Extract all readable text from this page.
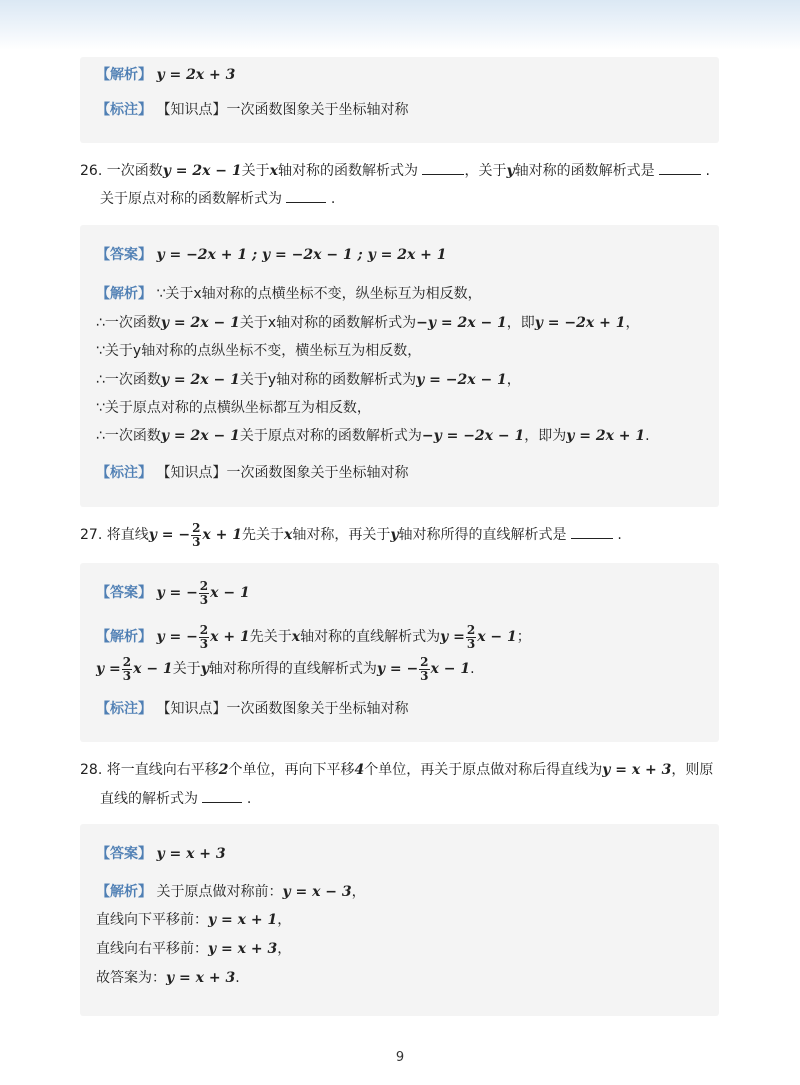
【解析】 y = 2x + 3
【标注】 【知识点】一次函数图象关于坐标轴对称
26. 一次函数y = 2x − 1关于x轴对称的函数解析式为	，关于y轴对称的函数解析式是	.
关于原点对称的函数解析式为	.
【答案】 y = −2x + 1 ; y = −2x − 1 ; y = 2x + 1
【解析】 ∵关于x轴对称的点横坐标不变，纵坐标互为相反数，
∴一次函数y = 2x − 1关于x轴对称的函数解析式为−y = 2x − 1，即y = −2x + 1，
∵关于y轴对称的点纵坐标不变，横坐标互为相反数，
∴一次函数y = 2x − 1关于y轴对称的函数解析式为y = −2x − 1，
∵关于原点对称的点横纵坐标都互为相反数，
∴一次函数y = 2x − 1关于原点对称的函数解析式为−y = −2x − 1，即为y = 2x + 1.
【标注】 【知识点】一次函数图象关于坐标轴对称
27. 将直线y = − $\frac{2}{3}$ x + 1先关于x轴对称，再关于y轴对称所得的直线解析式是	.
【答案】 y = − $\frac{2}{3}$ x − 1
【解析】 y = − $\frac{2}{3}$ x + 1先关于x轴对称的直线解析式为$y = \frac{2}{3}$ x − 1；
$y = \frac{2}{3}$ x − 1关于y轴对称所得的直线解析式为y = − $\frac{2}{3}$ x − 1.
【标注】 【知识点】一次函数图象关于坐标轴对称
28. 将一直线向右平移2个单位，再向下平移4个单位，再关于原点做对称后得直线为y = x + 3，则原
直线的解析式为	.
【答案】 y = x + 3
【解析】 关于原点做对称前：y = x − 3，
直线向下平移前：y = x + 1，
直线向右平移前：y = x + 3，
故答案为：y = x + 3.
9
